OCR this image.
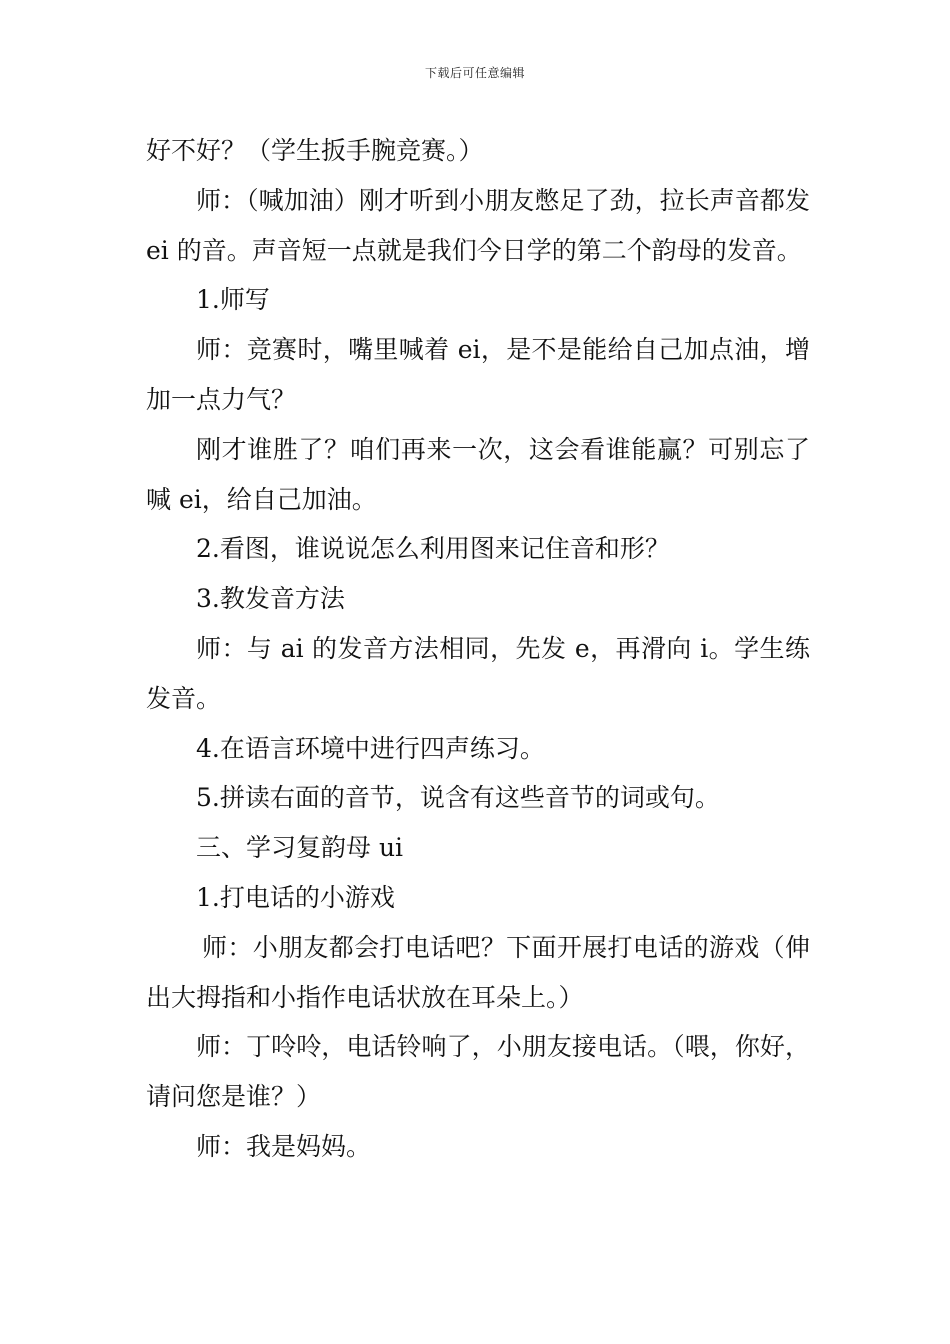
下载后可任意编辑

好不好？（学生扳手腕竞赛。）

师：（喊加油）刚才听到小朋友憋足了劲，拉长声音都发 ei 的音。声音短一点就是我们今日学的第二个韵母的发音。

1.师写

师：竞赛时，嘴里喊着 ei，是不是能给自己加点油，增加一点力气？

刚才谁胜了？咱们再来一次，这会看谁能赢？可别忘了喊 ei，给自己加油。

2.看图，谁说说怎么利用图来记住音和形？

3.教发音方法

师：与 ai 的发音方法相同，先发 e，再滑向 i。学生练发音。

4.在语言环境中进行四声练习。

5.拼读右面的音节，说含有这些音节的词或句。

三、学习复韵母 ui

1.打电话的小游戏

师：小朋友都会打电话吧？下面开展打电话的游戏（伸出大拇指和小指作电话状放在耳朵上。）

师：丁呤呤，电话铃响了，小朋友接电话。（喂，你好，请问您是谁？）

师：我是妈妈。
